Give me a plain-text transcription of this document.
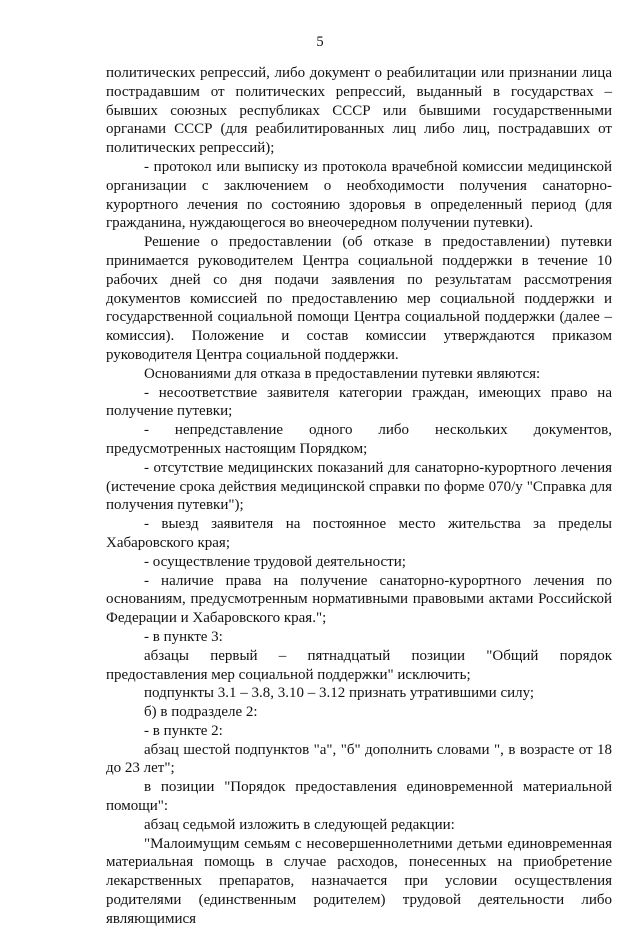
5

политических репрессий, либо документ о реабилитации или признании лица пострадавшим от политических репрессий, выданный в государствах – бывших союзных республиках СССР или бывшими государственными органами СССР (для реабилитированных лиц либо лиц, пострадавших от политических репрессий);

- протокол или выписку из протокола врачебной комиссии медицинской организации с заключением о необходимости получения санаторно-курортного лечения по состоянию здоровья в определенный период (для гражданина, нуждающегося во внеочередном получении путевки).

Решение о предоставлении (об отказе в предоставлении) путевки принимается руководителем Центра социальной поддержки в течение 10 рабочих дней со дня подачи заявления по результатам рассмотрения документов комиссией по предоставлению мер социальной поддержки и государственной социальной помощи Центра социальной поддержки (далее – комиссия). Положение и состав комиссии утверждаются приказом руководителя Центра социальной поддержки.

Основаниями для отказа в предоставлении путевки являются:

- несоответствие заявителя категории граждан, имеющих право на получение путевки;

- непредставление одного либо нескольких документов, предусмотренных настоящим Порядком;

- отсутствие медицинских показаний для санаторно-курортного лечения (истечение срока действия медицинской справки по форме 070/у "Справка для получения путевки");

- выезд заявителя на постоянное место жительства за пределы Хабаровского края;

- осуществление трудовой деятельности;

- наличие права на получение санаторно-курортного лечения по основаниям, предусмотренным нормативными правовыми актами Российской Федерации и Хабаровского края.";

- в пункте 3:

абзацы первый – пятнадцатый позиции "Общий порядок предоставления мер социальной поддержки" исключить;

подпункты 3.1 – 3.8, 3.10 – 3.12 признать утратившими силу;

б) в подразделе 2:

- в пункте 2:

абзац шестой подпунктов "а", "б" дополнить словами ", в возрасте от 18 до 23 лет";

в позиции "Порядок предоставления единовременной материальной помощи":

абзац седьмой изложить в следующей редакции:

"Малоимущим семьям с несовершеннолетними детьми единовременная материальная помощь в случае расходов, понесенных на приобретение лекарственных препаратов, назначается при условии осуществления родителями (единственным родителем) трудовой деятельности либо являющимися
